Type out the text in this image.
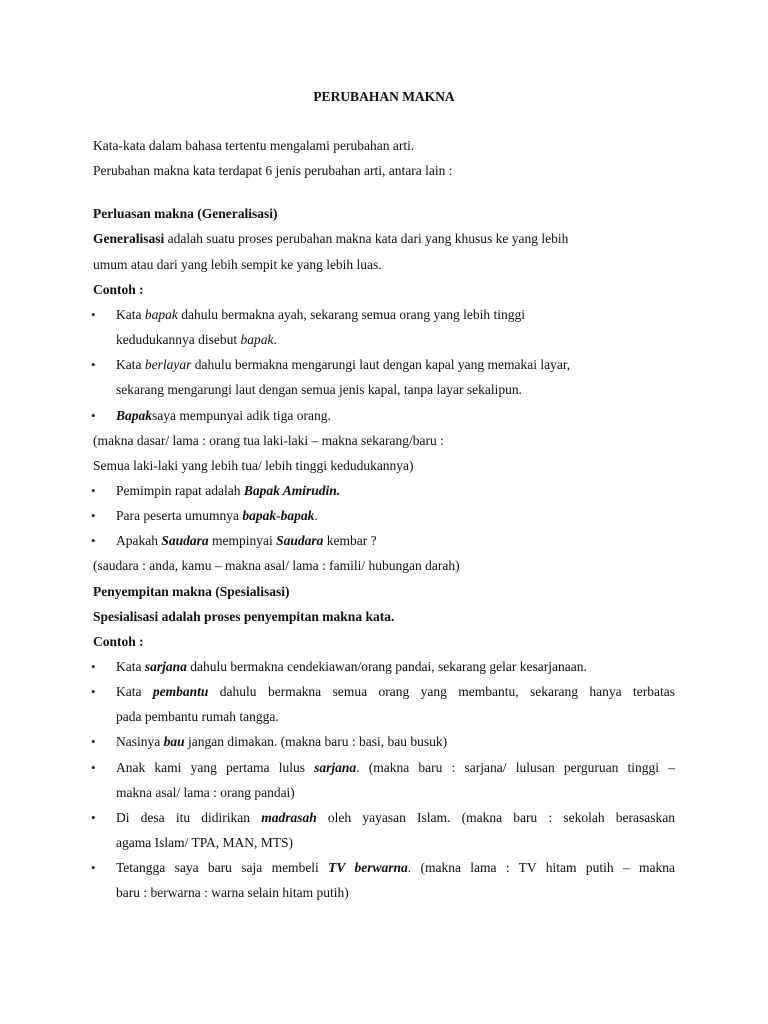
PERUBAHAN MAKNA
Kata-kata dalam bahasa tertentu mengalami perubahan arti.
Perubahan makna kata terdapat 6 jenis perubahan arti, antara lain :
Perluasan makna (Generalisasi)
Generalisasi adalah suatu proses perubahan makna kata dari yang khusus ke yang lebih
umum atau dari yang lebih sempit ke yang lebih luas.
Contoh :
• Kata bapak dahulu bermakna ayah, sekarang semua orang yang lebih tinggi
kedudukannya disebut bapak.
• Kata berlayar dahulu bermakna mengarungi laut dengan kapal yang memakai layar,
sekarang mengarungi laut dengan semua jenis kapal, tanpa layar sekalipun.
• Bapaksaya mempunyai adik tiga orang.
(makna dasar/ lama : orang tua laki-laki – makna sekarang/baru :
Semua laki-laki yang lebih tua/ lebih tinggi kedudukannya)
• Pemimpin rapat adalah Bapak Amirudin.
• Para peserta umumnya bapak-bapak.
• Apakah Saudara mempinyai Saudara kembar ?
(saudara : anda, kamu – makna asal/ lama : famili/ hubungan darah)
Penyempitan makna (Spesialisasi)
Spesialisasi adalah proses penyempitan makna kata.
Contoh :
• Kata sarjana dahulu bermakna cendekiawan/orang pandai, sekarang gelar kesarjanaan.
• Kata pembantu dahulu bermakna semua orang yang membantu, sekarang hanya terbatas
pada pembantu rumah tangga.
• Nasinya bau jangan dimakan. (makna baru : basi, bau busuk)
• Anak kami yang pertama lulus sarjana. (makna baru : sarjana/ lulusan perguruan tinggi –
makna asal/ lama : orang pandai)
• Di desa itu didirikan madrasah oleh yayasan Islam. (makna baru : sekolah berasaskan
agama Islam/ TPA, MAN, MTS)
• Tetangga saya baru saja membeli TV berwarna. (makna lama : TV hitam putih – makna
baru : berwarna : warna selain hitam putih)
